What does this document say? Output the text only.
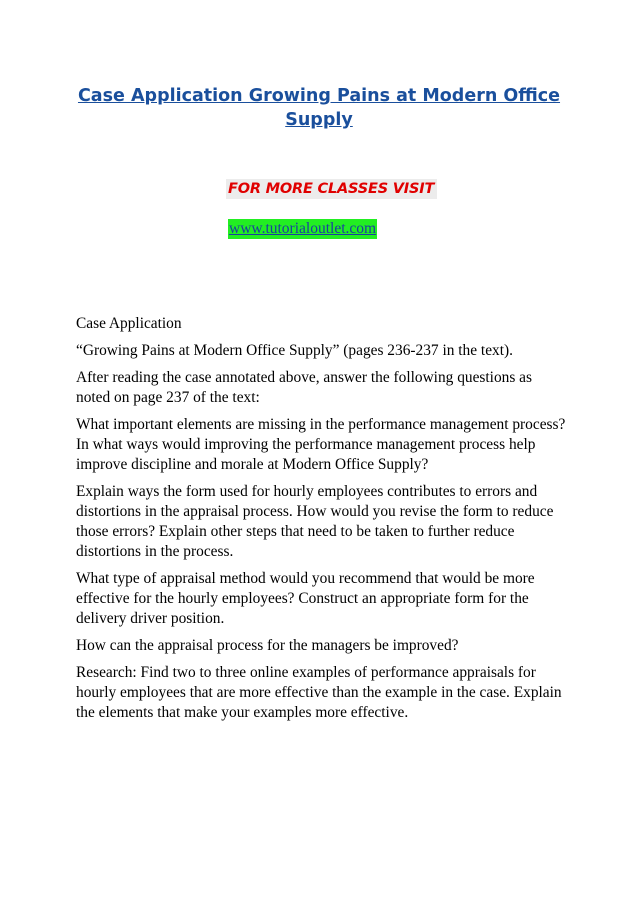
Case Application Growing Pains at Modern Office
Supply
FOR MORE CLASSES VISIT
www.tutorialoutlet.com

Case Application

“Growing Pains at Modern Office Supply” (pages 236-237 in the text).

After reading the case annotated above, answer the following questions as noted on page 237 of the text:

What important elements are missing in the performance management process? In what ways would improving the performance management process help improve discipline and morale at Modern Office Supply?

Explain ways the form used for hourly employees contributes to errors and distortions in the appraisal process. How would you revise the form to reduce those errors? Explain other steps that need to be taken to further reduce distortions in the process.

What type of appraisal method would you recommend that would be more effective for the hourly employees? Construct an appropriate form for the delivery driver position.

How can the appraisal process for the managers be improved?

Research: Find two to three online examples of performance appraisals for hourly employees that are more effective than the example in the case. Explain the elements that make your examples more effective.
